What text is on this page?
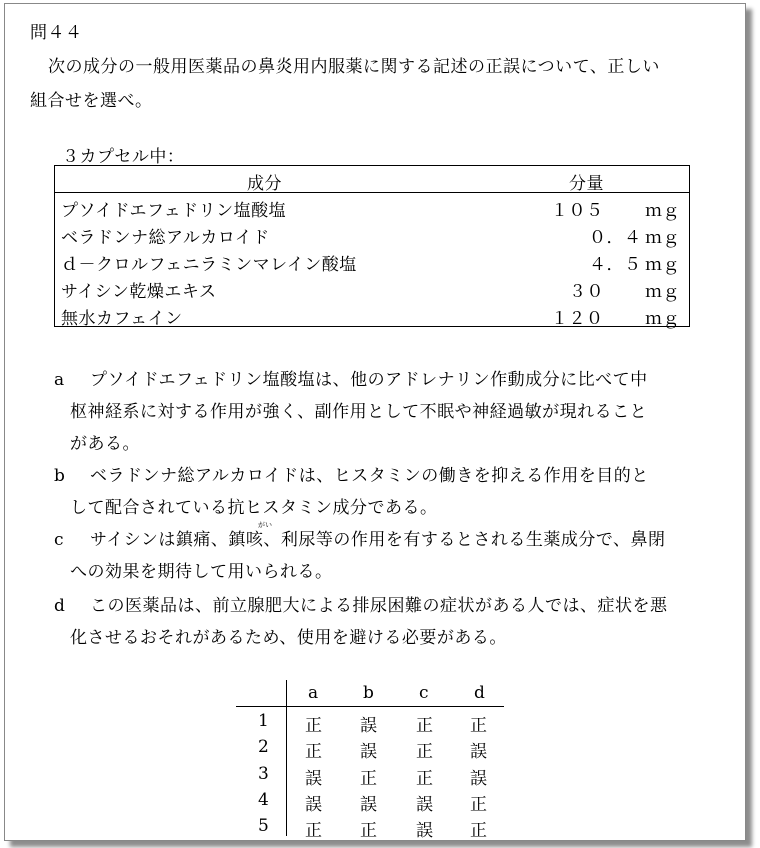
問４４
次の成分の一般用医薬品の鼻炎用内服薬に関する記述の正誤について、正しい
組合せを選べ。
３カプセル中：
成分	分量
プソイドエフェドリン塩酸塩	１０５ ｍｇ
ベラドンナ総アルカロイド	０．４ ｍｇ
ｄ－クロルフェニラミンマレイン酸塩	４．５ ｍｇ
サイシン乾燥エキス	３０ ｍｇ
無水カフェイン	１２０ ｍｇ
a プソイドエフェドリン塩酸塩は、他のアドレナリン作動成分に比べて中
枢神経系に対する作用が強く、副作用として不眠や神経過敏が現れること
がある。
b ベラドンナ総アルカロイドは、ヒスタミンの働きを抑える作用を目的と
して配合されている抗ヒスタミン成分である。
がい
c サイシンは鎮痛、鎮咳、利尿等の作用を有するとされる生薬成分で、鼻閉
への効果を期待して用いられる。
d この医薬品は、前立腺肥大による排尿困難の症状がある人では、症状を悪
化させるおそれがあるため、使用を避ける必要がある。
a	b	c	d
1 正 誤 正 正
2 正 誤 正 誤
3 誤 正 正 誤
4 誤 誤 誤 正
5 正 正 誤 正
